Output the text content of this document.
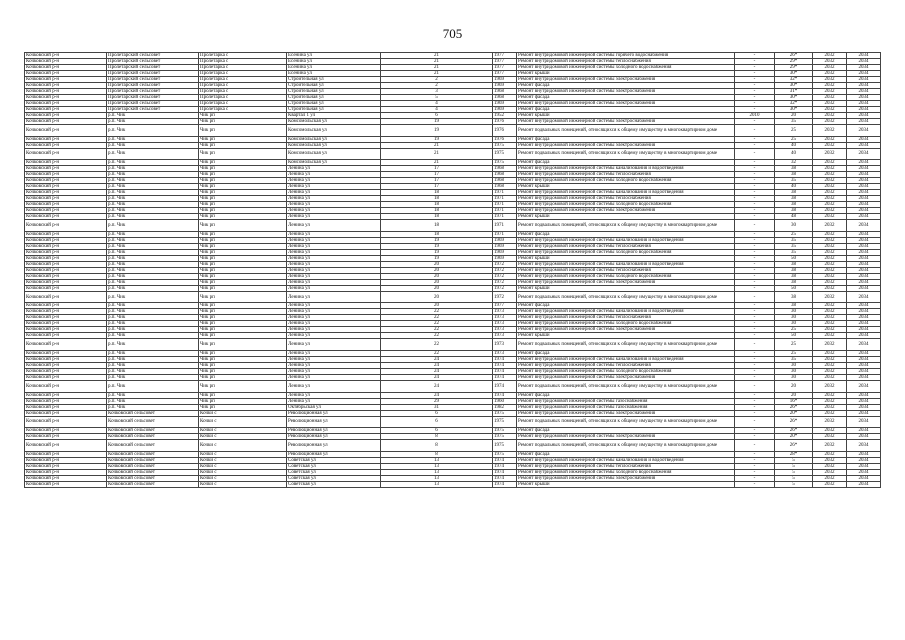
705
Кочковский р-н	Пролетарский сельсовет	Пролетарка с	Есенина ул	21	1977	Ремонт внутридомовой инженерной системы горячего водоснабжения	-	26*	2032	2034
Кочковский р-н	Пролетарский сельсовет	Пролетарка с	Есенина ул	21	1977	Ремонт внутридомовой инженерной системы теплоснабжения	-	29*	2032	2034
Кочковский р-н	Пролетарский сельсовет	Пролетарка с	Есенина ул	21	1977	Ремонт внутридомовой инженерной системы холодного водоснабжения	-	29*	2032	2034
Кочковский р-н	Пролетарский сельсовет	Пролетарка с	Есенина ул	21	1977	Ремонт крыши	-	30*	2032	2034
Кочковский р-н	Пролетарский сельсовет	Пролетарка с	Строительная ул	2	1969	Ремонт внутридомовой инженерной системы электроснабжения	-	32*	2032	2034
Кочковский р-н	Пролетарский сельсовет	Пролетарка с	Строительная ул	2	1969	Ремонт фасада	-	30*	2032	2034
Кочковский р-н	Пролетарский сельсовет	Пролетарка с	Строительная ул	3	1968	Ремонт внутридомовой инженерной системы электроснабжения	-	31*	2032	2034
Кочковский р-н	Пролетарский сельсовет	Пролетарка с	Строительная ул	5	1968	Ремонт фасада	-	30*	2032	2034
Кочковский р-н	Пролетарский сельсовет	Пролетарка с	Строительная ул	4	1969	Ремонт внутридомовой инженерной системы электроснабжения	-	32*	2032	2034
Кочковский р-н	Пролетарский сельсовет	Пролетарка с	Строительная ул	4	1969	Ремонт фасада	-	30*	2032	2034
Кочковский р-н	р.п. Чик	Чик рп	Квартал 1 ул	6	1952	Ремонт крыши	2010	20	2032	2034
Кочковский р-н	р.п. Чик	Чик рп	Комсомольская ул	19	1976	Ремонт внутридомовой инженерной системы электроснабжения	-	35	2032	2034
Кочковский р-н	р.п. Чик	Чик рп	Комсомольская ул	19	1976	Ремонт подвальных помещений, относящихся к общему имуществу в многоквартирном доме	-	25	2032	2034
Кочковский р-н	р.п. Чик	Чик рп	Комсомольская ул	19	1976	Ремонт фасада	-	25	2032	2034
Кочковский р-н	р.п. Чик	Чик рп	Комсомольская ул	21	1975	Ремонт внутридомовой инженерной системы электроснабжения	-	40	2032	2034
Кочковский р-н	р.п. Чик	Чик рп	Комсомольская ул	21	1975	Ремонт подвальных помещений, относящихся к общему имуществу в многоквартирном доме	-	40	2032	2034
Кочковский р-н	р.п. Чик	Чик рп	Комсомольская ул	21	1975	Ремонт фасада	-	32	2032	2034
Кочковский р-н	р.п. Чик	Чик рп	Ленина ул	17	1968	Ремонт внутридомовой инженерной системы канализования и водоотведения	-	38	2032	2034
Кочковский р-н	р.п. Чик	Чик рп	Ленина ул	17	1968	Ремонт внутридомовой инженерной системы теплоснабжения	-	38	2032	2034
Кочковский р-н	р.п. Чик	Чик рп	Ленина ул	17	1968	Ремонт внутридомовой инженерной системы холодного водоснабжения	-	35	2032	2034
Кочковский р-н	р.п. Чик	Чик рп	Ленина ул	17	1968	Ремонт крыши	-	40	2032	2034
Кочковский р-н	р.п. Чик	Чик рп	Ленина ул	18	1971	Ремонт внутридомовой инженерной системы канализования и водоотведения	-	38	2032	2034
Кочковский р-н	р.п. Чик	Чик рп	Ленина ул	18	1971	Ремонт внутридомовой инженерной системы теплоснабжения	-	38	2032	2034
Кочковский р-н	р.п. Чик	Чик рп	Ленина ул	18	1971	Ремонт внутридомовой инженерной системы холодного водоснабжения	-	38	2032	2034
Кочковский р-н	р.п. Чик	Чик рп	Ленина ул	18	1971	Ремонт внутридомовой инженерной системы электроснабжения	-	38	2032	2034
Кочковский р-н	р.п. Чик	Чик рп	Ленина ул	18	1971	Ремонт крыши	-	48	2032	2034
Кочковский р-н	р.п. Чик	Чик рп	Ленина ул	18	1971	Ремонт подвальных помещений, относящихся к общему имуществу в многоквартирном доме	-	30	2032	2034
Кочковский р-н	р.п. Чик	Чик рп	Ленина ул	18	1971	Ремонт фасада	-	25	2032	2034
Кочковский р-н	р.п. Чик	Чик рп	Ленина ул	19	1969	Ремонт внутридомовой инженерной системы канализования и водоотведения	-	35	2032	2034
Кочковский р-н	р.п. Чик	Чик рп	Ленина ул	19	1969	Ремонт внутридомовой инженерной системы теплоснабжения	-	35	2032	2034
Кочковский р-н	р.п. Чик	Чик рп	Ленина ул	19	1969	Ремонт внутридомовой инженерной системы холодного водоснабжения	-	35	2032	2034
Кочковский р-н	р.п. Чик	Чик рп	Ленина ул	19	1969	Ремонт крыши	-	50	2032	2034
Кочковский р-н	р.п. Чик	Чик рп	Ленина ул	20	1972	Ремонт внутридомовой инженерной системы канализования и водоотведения	-	38	2032	2034
Кочковский р-н	р.п. Чик	Чик рп	Ленина ул	20	1972	Ремонт внутридомовой инженерной системы теплоснабжения	-	38	2032	2034
Кочковский р-н	р.п. Чик	Чик рп	Ленина ул	20	1972	Ремонт внутридомовой инженерной системы холодного водоснабжения	-	38	2032	2034
Кочковский р-н	р.п. Чик	Чик рп	Ленина ул	20	1972	Ремонт внутридомовой инженерной системы электроснабжения	-	38	2032	2034
Кочковский р-н	р.п. Чик	Чик рп	Ленина ул	20	1972	Ремонт крыши	-	50	2032	2034
Кочковский р-н	р.п. Чик	Чик рп	Ленина ул	20	1972	Ремонт подвальных помещений, относящихся к общему имуществу в многоквартирном доме	-	38	2032	2034
Кочковский р-н	р.п. Чик	Чик рп	Ленина ул	20	1977	Ремонт фасада	-	38	2032	2034
Кочковский р-н	р.п. Чик	Чик рп	Ленина ул	22	1973	Ремонт внутридомовой инженерной системы канализования и водоотведения	-	30	2032	2034
Кочковский р-н	р.п. Чик	Чик рп	Ленина ул	22	1973	Ремонт внутридомовой инженерной системы теплоснабжения	-	30	2032	2034
Кочковский р-н	р.п. Чик	Чик рп	Ленина ул	22	1973	Ремонт внутридомовой инженерной системы холодного водоснабжения	-	30	2032	2034
Кочковский р-н	р.п. Чик	Чик рп	Ленина ул	22	1973	Ремонт внутридомовой инженерной системы электроснабжения	-	25	2032	2034
Кочковский р-н	р.п. Чик	Чик рп	Ленина ул	22	1973	Ремонт крыши	-	50	2032	2034
Кочковский р-н	р.п. Чик	Чик рп	Ленина ул	22	1973	Ремонт подвальных помещений, относящихся к общему имуществу в многоквартирном доме	-	25	2032	2034
Кочковский р-н	р.п. Чик	Чик рп	Ленина ул	22	1973	Ремонт фасада	-	25	2032	2034
Кочковский р-н	р.п. Чик	Чик рп	Ленина ул	24	1974	Ремонт внутридомовой инженерной системы канализования и водоотведения	-	35	2032	2034
Кочковский р-н	р.п. Чик	Чик рп	Ленина ул	24	1974	Ремонт внутридомовой инженерной системы теплоснабжения	-	30	2032	2034
Кочковский р-н	р.п. Чик	Чик рп	Ленина ул	24	1974	Ремонт внутридомовой инженерной системы холодного водоснабжения	-	30	2032	2034
Кочковский р-н	р.п. Чик	Чик рп	Ленина ул	24	1974	Ремонт внутридомовой инженерной системы электроснабжения	-	30	2032	2034
Кочковский р-н	р.п. Чик	Чик рп	Ленина ул	24	1974	Ремонт подвальных помещений, относящихся к общему имуществу в многоквартирном доме	-	20	2032	2034
Кочковский р-н	р.п. Чик	Чик рп	Ленина ул	24	1974	Ремонт фасада	-	20	2032	2034
Кочковский р-н	р.п. Чик	Чик рп	Ленина ул	29	1960	Ремонт внутридомовой инженерной системы газоснабжения	-	16*	2032	2034
Кочковский р-н	р.п. Чик	Чик рп	Октябрьская ул	31	1982	Ремонт внутридомовой инженерной системы газоснабжения	-	26*	2032	2034
Кочковский р-н	Кочковский сельсовет	Кочки с	Революционная ул	6	1975	Ремонт внутридомовой инженерной системы электроснабжения	-	20*	2032	2034
Кочковский р-н	Кочковский сельсовет	Кочки с	Революционная ул	6	1975	Ремонт подвальных помещений, относящихся к общему имуществу в многоквартирном доме	-	26*	2032	2034
Кочковский р-н	Кочковский сельсовет	Кочки с	Революционная ул	6	1975	Ремонт фасада	-	26*	2032	2034
Кочковский р-н	Кочковский сельсовет	Кочки с	Революционная ул	8	1975	Ремонт внутридомовой инженерной системы электроснабжения	-	20*	2032	2034
Кочковский р-н	Кочковский сельсовет	Кочки с	Революционная ул	8	1975	Ремонт подвальных помещений, относящихся к общему имуществу в многоквартирном доме	-	26*	2032	2034
Кочковский р-н	Кочковский сельсовет	Кочки с	Революционная ул	8	1975	Ремонт фасада	-	28*	2032	2034
Кочковский р-н	Кочковский сельсовет	Кочки с	Советская ул	13	1974	Ремонт внутридомовой инженерной системы канализования и водоотведения	-	5	2032	2034
Кочковский р-н	Кочковский сельсовет	Кочки с	Советская ул	13	1974	Ремонт внутридомовой инженерной системы теплоснабжения	-	5	2032	2034
Кочковский р-н	Кочковский сельсовет	Кочки с	Советская ул	13	1974	Ремонт внутридомовой инженерной системы холодного водоснабжения	-	5	2032	2034
Кочковский р-н	Кочковский сельсовет	Кочки с	Советская ул	13	1974	Ремонт внутридомовой инженерной системы электроснабжения	-	5	2032	2034
Кочковский р-н	Кочковский сельсовет	Кочки с	Советская ул	13	1974	Ремонт крыши	-	5	2032	2034
